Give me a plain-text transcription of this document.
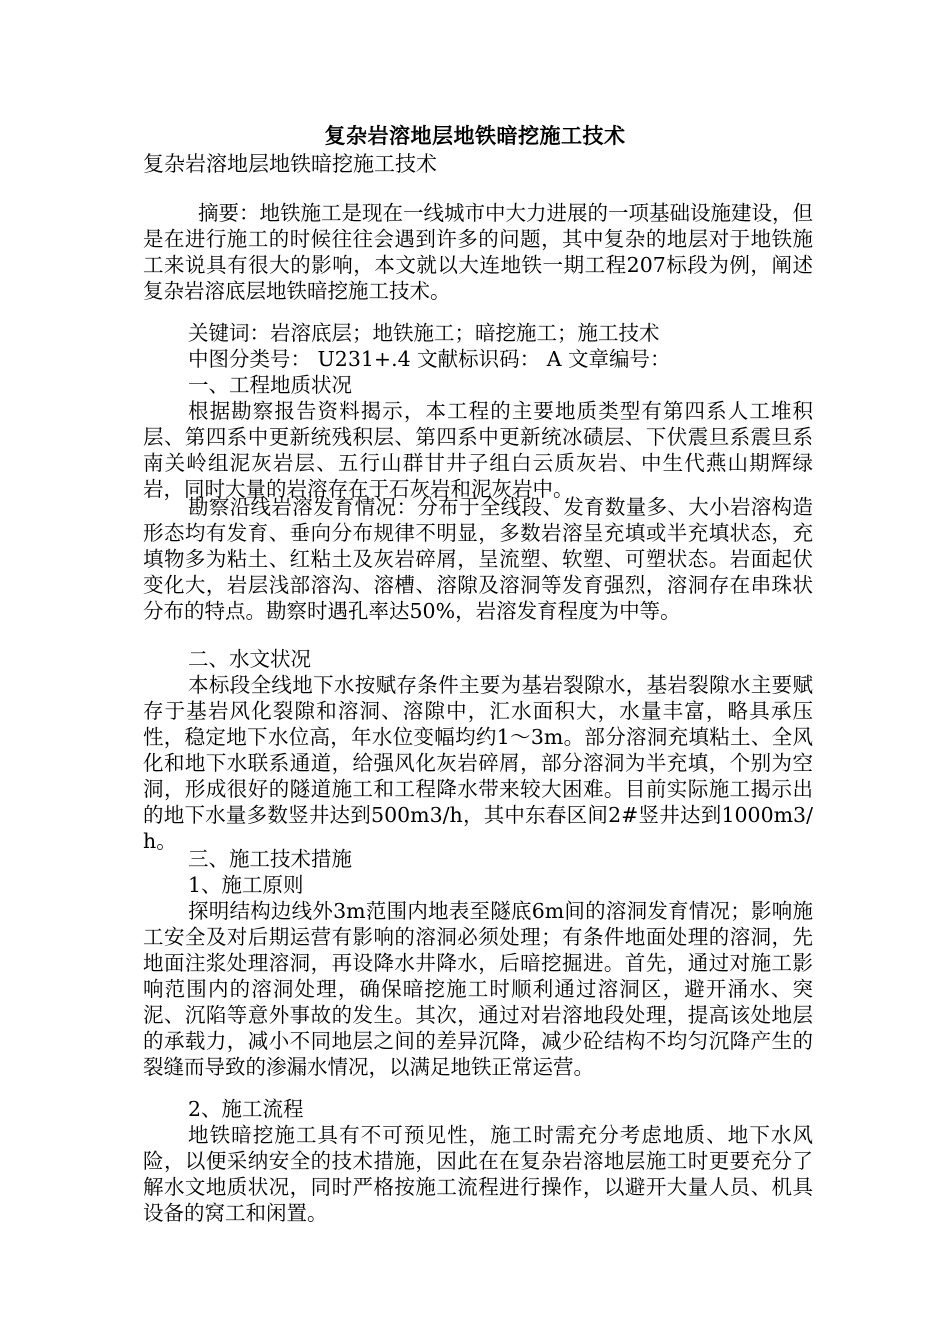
复杂岩溶地层地铁暗挖施工技术
复杂岩溶地层地铁暗挖施工技术

摘要：地铁施工是现在一线城市中大力进展的一项基础设施建设，但是在进行施工的时候往往会遇到许多的问题，其中复杂的地层对于地铁施工来说具有很大的影响，本文就以大连地铁一期工程207标段为例，阐述复杂岩溶底层地铁暗挖施工技术。

关键词：岩溶底层；地铁施工；暗挖施工；施工技术

中图分类号： U231+.4 文献标识码： A 文章编号：

一、工程地质状况

根据勘察报告资料揭示，本工程的主要地质类型有第四系人工堆积层、第四系中更新统残积层、第四系中更新统冰碛层、下伏震旦系震旦系南关岭组泥灰岩层、五行山群甘井子组白云质灰岩、中生代燕山期辉绿岩，同时大量的岩溶存在于石灰岩和泥灰岩中。

勘察沿线岩溶发育情况：分布于全线段、发育数量多、大小岩溶构造形态均有发育、垂向分布规律不明显，多数岩溶呈充填或半充填状态，充填物多为粘土、红粘土及灰岩碎屑，呈流塑、软塑、可塑状态。岩面起伏变化大，岩层浅部溶沟、溶槽、溶隙及溶洞等发育强烈，溶洞存在串珠状分布的特点。勘察时遇孔率达50%，岩溶发育程度为中等。

二、水文状况

本标段全线地下水按赋存条件主要为基岩裂隙水，基岩裂隙水主要赋存于基岩风化裂隙和溶洞、溶隙中，汇水面积大，水量丰富，略具承压性，稳定地下水位高，年水位变幅均约1～3m。部分溶洞充填粘土、全风化和地下水联系通道，给强风化灰岩碎屑，部分溶洞为半充填，个别为空洞，形成很好的隧道施工和工程降水带来较大困难。目前实际施工揭示出的地下水量多数竖井达到500m3/h，其中东春区间2#竖井达到1000m3/h。

三、施工技术措施

1、施工原则

探明结构边线外3m范围内地表至隧底6m间的溶洞发育情况；影响施工安全及对后期运营有影响的溶洞必须处理；有条件地面处理的溶洞，先地面注浆处理溶洞，再设降水井降水，后暗挖掘进。首先，通过对施工影响范围内的溶洞处理，确保暗挖施工时顺利通过溶洞区，避开涌水、突泥、沉陷等意外事故的发生。其次，通过对岩溶地段处理，提高该处地层的承载力，减小不同地层之间的差异沉降，减少砼结构不均匀沉降产生的裂缝而导致的渗漏水情况，以满足地铁正常运营。

2、施工流程

地铁暗挖施工具有不可预见性，施工时需充分考虑地质、地下水风险，以便采纳安全的技术措施，因此在在复杂岩溶地层施工时更要充分了解水文地质状况，同时严格按施工流程进行操作，以避开大量人员、机具设备的窝工和闲置。
